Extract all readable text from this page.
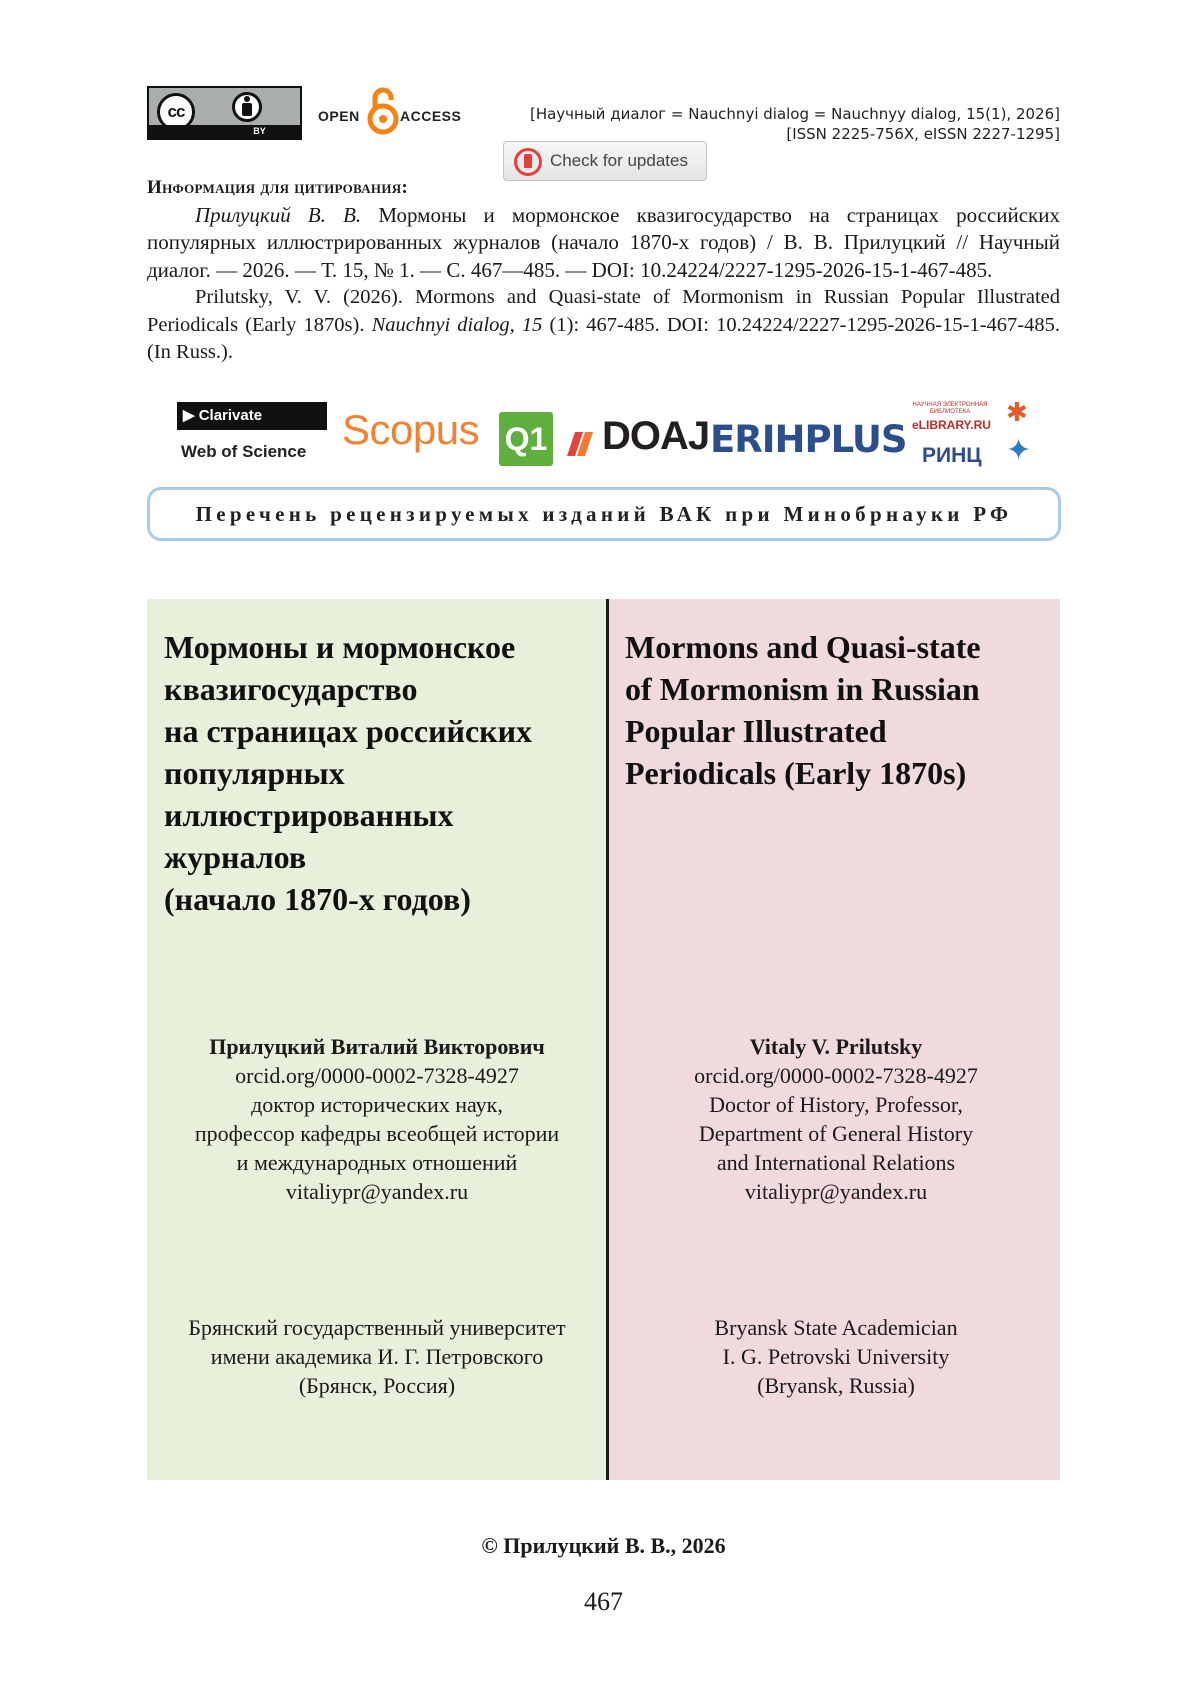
cc
BY
OPEN	ACCESS	[Научный диалог = Nauchnyi dialog = Nauchnyy dialog, 15(1), 2026]
[ISSN 2225-756X, eISSN 2227-1295]
Check for updates
Информация для цитирования:

Прилуцкий В. В. Мормоны и мормонское квазигосударство на страницах российских популярных иллюстрированных журналов (начало 1870-х годов) / В. В. Прилуцкий // Научный диалог. — 2026. — Т. 15, № 1. — С. 467—485. — DOI: 10.24224/2227-1295-2026-15-1-467-485.

Prilutsky, V. V. (2026). Mormons and Quasi-state of Mormonism in Russian Popular Illustrated Periodicals (Early 1870s). Nauchnyi dialog, 15 (1): 467-485. DOI: 10.24224/2227-1295-2026-15-1-467-485. (In Russ.).

▶ Clarivate
Web of Science Scopus Q1 DOAJ ERIHPLUS
НАУЧНАЯ ЭЛЕКТРОННАЯ БИБЛИОТЕКА
eLIBRARY.RU
РИНЦ
✱
✦
Перечень рецензируемых изданий ВАК при Минобрнауки РФ
Мормоны и мормонское
квазигосударство
на страницах российских
популярных
иллюстрированных
журналов
(начало 1870-х годов)
Mormons and Quasi-state
of Mormonism in Russian
Popular Illustrated
Periodicals (Early 1870s)
Прилуцкий Виталий Викторович
orcid.org/0000-0002-7328-4927
доктор исторических наук,
профессор кафедры всеобщей истории
и международных отношений
vitaliypr@yandex.ru
Vitaly V. Prilutsky
orcid.org/0000-0002-7328-4927
Doctor of History, Professor,
Department of General History
and International Relations
vitaliypr@yandex.ru
Брянский государственный университет
имени академика И. Г. Петровского
(Брянск, Россия)
Bryansk State Academician
I. G. Petrovski University
(Bryansk, Russia)
© Прилуцкий В. В., 2026
467
